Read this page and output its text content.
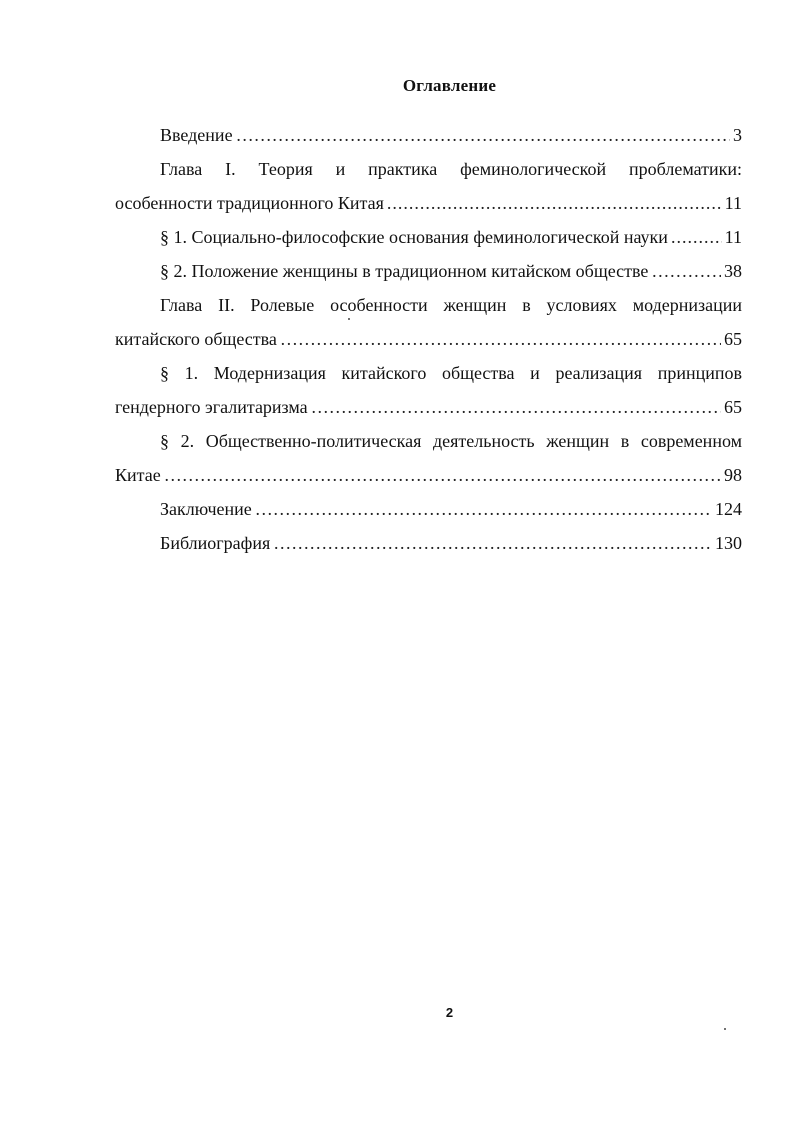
Оглавление
Введение ……………………………………………………………………………………………………………………………………………………………	3
Глава I. Теория и практика феминологической проблематики:
особенности традиционного Китая .....	11
§ 1. Социально-философские основания феминологической науки .....	11
§ 2. Положение женщины в традиционном китайском обществе ……………………………………………………………………………………………………………………………………………………………	38
Глава II. Ролевые особенности женщин в условиях модернизации
китайского общества ……………………………………………………………………………………………………………………………………………………………	65
§ 1. Модернизация китайского общества и реализация принципов
гендерного эгалитаризма ……………………………………………………………………………………………………………………………………………………………	65
§ 2. Общественно-политическая деятельность женщин в современном
Китае ……………………………………………………………………………………………………………………………………………………………	98
Заключение ……………………………………………………………………………………………………………………………………………………………	124
Библиография ……………………………………………………………………………………………………………………………………………………………	130
2
